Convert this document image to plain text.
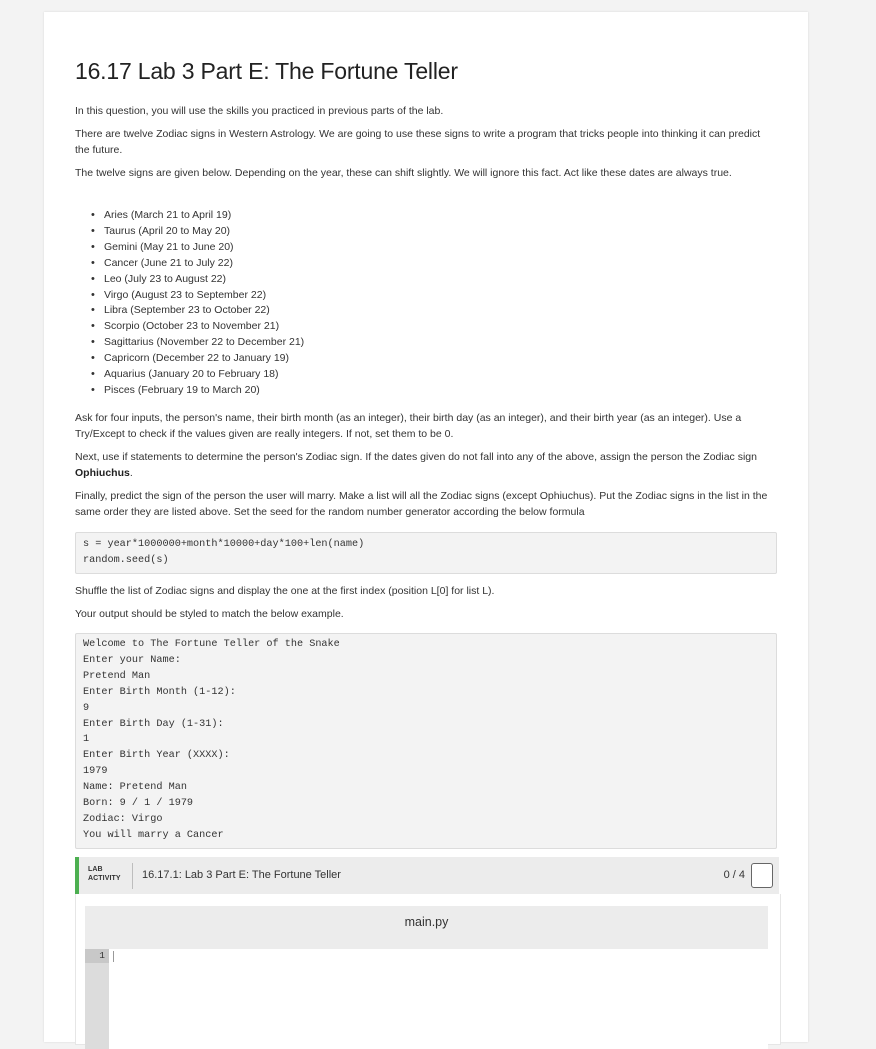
16.17 Lab 3 Part E: The Fortune Teller
In this question, you will use the skills you practiced in previous parts of the lab.
There are twelve Zodiac signs in Western Astrology. We are going to use these signs to write a program that tricks people into thinking it can predict the future.
The twelve signs are given below. Depending on the year, these can shift slightly. We will ignore this fact. Act like these dates are always true.
• Aries (March 21 to April 19)
• Taurus (April 20 to May 20)
• Gemini (May 21 to June 20)
• Cancer (June 21 to July 22)
• Leo (July 23 to August 22)
• Virgo (August 23 to September 22)
• Libra (September 23 to October 22)
• Scorpio (October 23 to November 21)
• Sagittarius (November 22 to December 21)
• Capricorn (December 22 to January 19)
• Aquarius (January 20 to February 18)
• Pisces (February 19 to March 20)
Ask for four inputs, the person's name, their birth month (as an integer), their birth day (as an integer), and their birth year (as an integer). Use a Try/Except to check if the values given are really integers. If not, set them to be 0.
Next, use if statements to determine the person's Zodiac sign. If the dates given do not fall into any of the above, assign the person the Zodiac sign Ophiuchus.
Finally, predict the sign of the person the user will marry. Make a list will all the Zodiac signs (except Ophiuchus). Put the Zodiac signs in the list in the same order they are listed above. Set the seed for the random number generator according the below formula
s = year*1000000+month*10000+day*100+len(name)
random.seed(s)
Shuffle the list of Zodiac signs and display the one at the first index (position L[0] for list L).
Your output should be styled to match the below example.
Welcome to The Fortune Teller of the Snake
Enter your Name:
Pretend Man
Enter Birth Month (1-12):
9
Enter Birth Day (1-31):
1
Enter Birth Year (XXXX):
1979
Name: Pretend Man
Born: 9 / 1 / 1979
Zodiac: Virgo
You will marry a Cancer
LAB
ACTIVITY 16.17.1: Lab 3 Part E: The Fortune Teller	0 / 4
main.py
1
